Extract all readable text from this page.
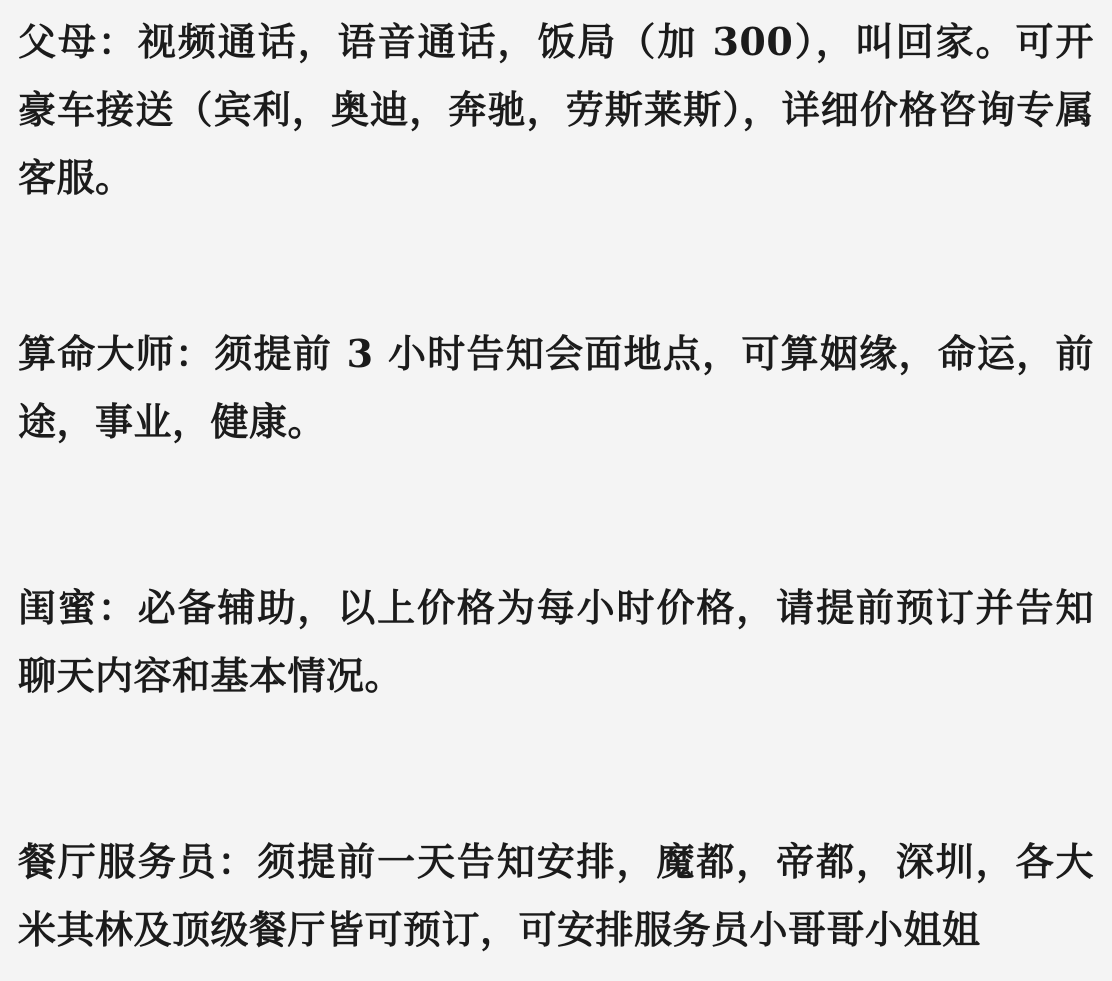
父母：视频通话，语音通话，饭局（加 300），叫回家。可开豪车接送（宾利，奥迪，奔驰，劳斯莱斯），详细价格咨询专属客服。

算命大师：须提前 3 小时告知会面地点，可算姻缘，命运，前途，事业，健康。

闺蜜：必备辅助，以上价格为每小时价格，请提前预订并告知聊天内容和基本情况。

餐厅服务员：须提前一天告知安排，魔都，帝都，深圳，各大米其林及顶级餐厅皆可预订，可安排服务员小哥哥小姐姐
